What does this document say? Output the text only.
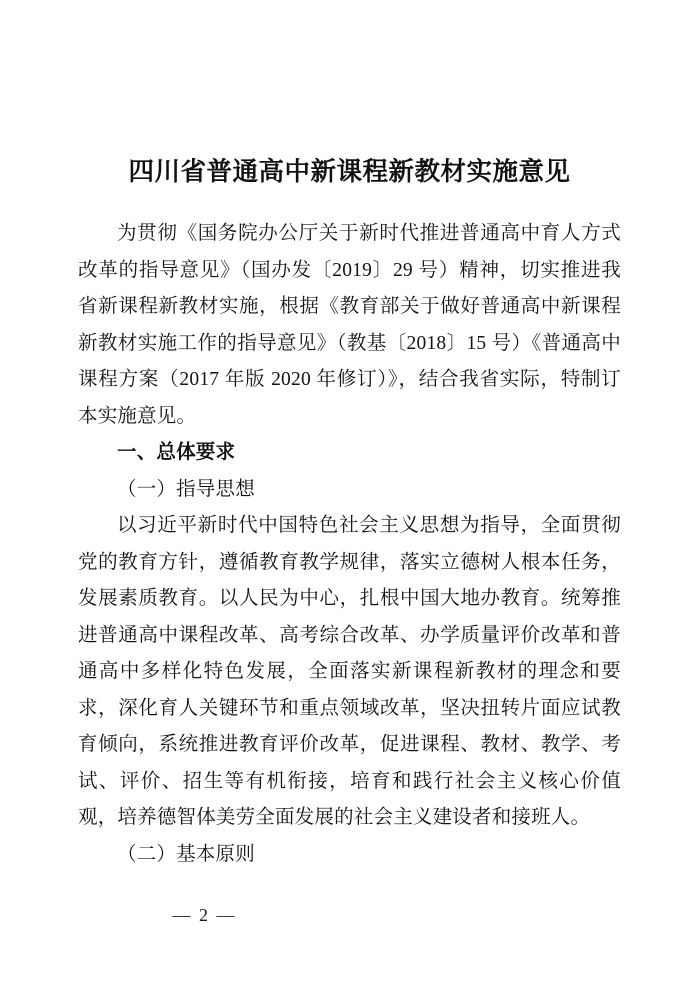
四川省普通高中新课程新教材实施意见

为贯彻《国务院办公厅关于新时代推进普通高中育人方式改革的指导意见》（国办发〔2019〕29 号）精神，切实推进我省新课程新教材实施，根据《教育部关于做好普通高中新课程新教材实施工作的指导意见》（教基〔2018〕15 号）《普通高中课程方案（2017 年版 2020 年修订）》，结合我省实际，特制订本实施意见。

一、总体要求
（一）指导思想

以习近平新时代中国特色社会主义思想为指导，全面贯彻党的教育方针，遵循教育教学规律，落实立德树人根本任务，发展素质教育。以人民为中心，扎根中国大地办教育。统筹推进普通高中课程改革、高考综合改革、办学质量评价改革和普通高中多样化特色发展，全面落实新课程新教材的理念和要求，深化育人关键环节和重点领域改革，坚决扭转片面应试教育倾向，系统推进教育评价改革，促进课程、教材、教学、考试、评价、招生等有机衔接，培育和践行社会主义核心价值观，培养德智体美劳全面发展的社会主义建设者和接班人。

（二）基本原则
— 2 —
